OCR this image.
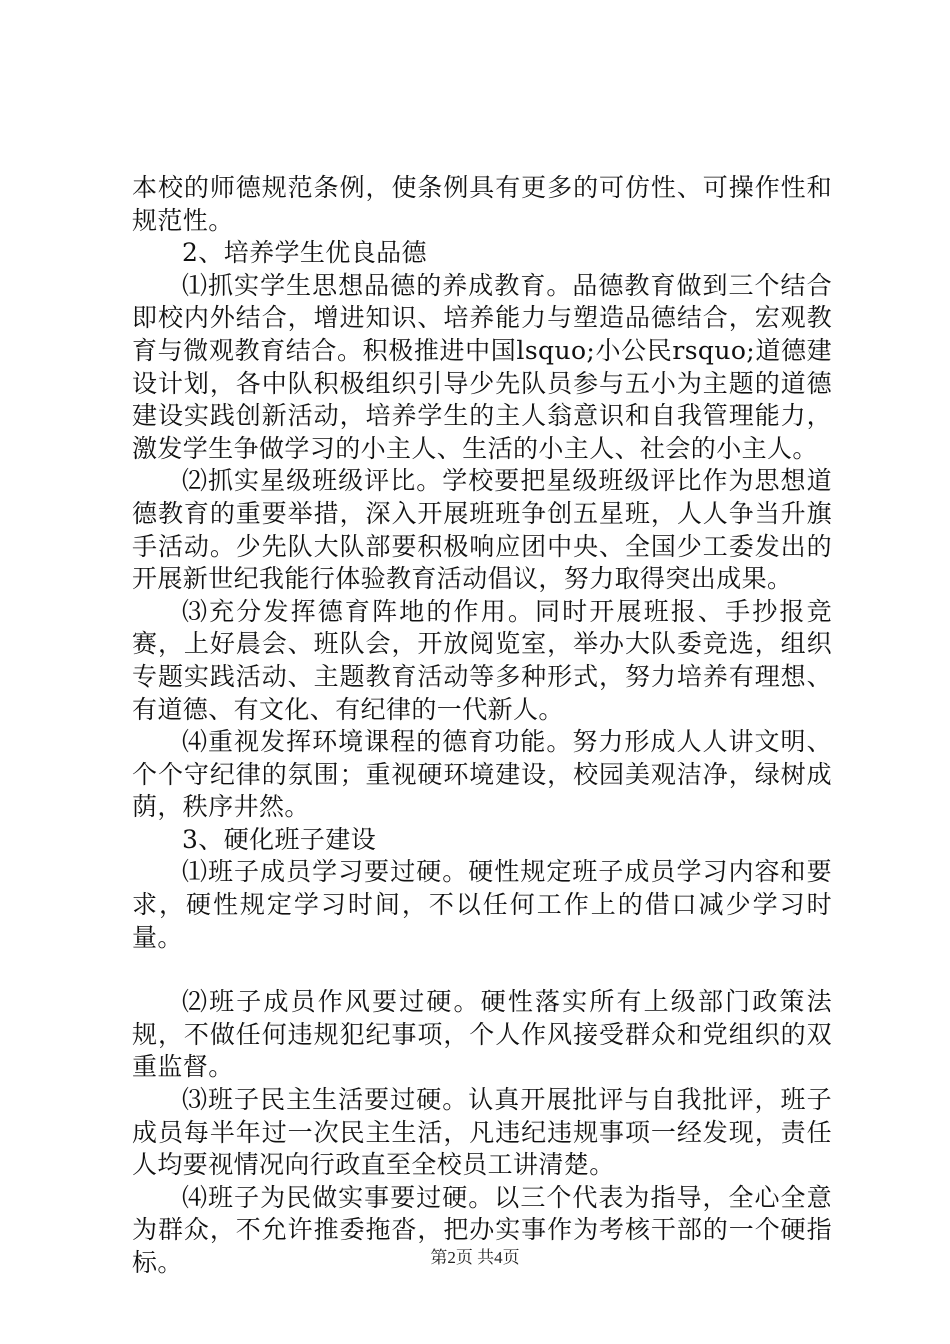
本校的师德规范条例，使条例具有更多的可仿性、可操作性和规范性。

2、培养学生优良品德

⑴抓实学生思想品德的养成教育。品德教育做到三个结合即校内外结合，增进知识、培养能力与塑造品德结合，宏观教育与微观教育结合。积极推进中国lsquo;小公民rsquo;道德建设计划，各中队积极组织引导少先队员参与五小为主题的道德建设实践创新活动，培养学生的主人翁意识和自我管理能力，激发学生争做学习的小主人、生活的小主人、社会的小主人。

⑵抓实星级班级评比。学校要把星级班级评比作为思想道德教育的重要举措，深入开展班班争创五星班，人人争当升旗手活动。少先队大队部要积极响应团中央、全国少工委发出的开展新世纪我能行体验教育活动倡议，努力取得突出成果。

⑶充分发挥德育阵地的作用。同时开展班报、手抄报竞赛，上好晨会、班队会，开放阅览室，举办大队委竞选，组织专题实践活动、主题教育活动等多种形式，努力培养有理想、有道德、有文化、有纪律的一代新人。

⑷重视发挥环境课程的德育功能。努力形成人人讲文明、个个守纪律的氛围；重视硬环境建设，校园美观洁净，绿树成荫，秩序井然。

3、硬化班子建设

⑴班子成员学习要过硬。硬性规定班子成员学习内容和要求，硬性规定学习时间，不以任何工作上的借口减少学习时量。

⑵班子成员作风要过硬。硬性落实所有上级部门政策法规，不做任何违规犯纪事项，个人作风接受群众和党组织的双重监督。

⑶班子民主生活要过硬。认真开展批评与自我批评，班子成员每半年过一次民主生活，凡违纪违规事项一经发现，责任人均要视情况向行政直至全校员工讲清楚。

⑷班子为民做实事要过硬。以三个代表为指导，全心全意为群众，不允许推委拖沓，把办实事作为考核干部的一个硬指标。	第2页 共4页
